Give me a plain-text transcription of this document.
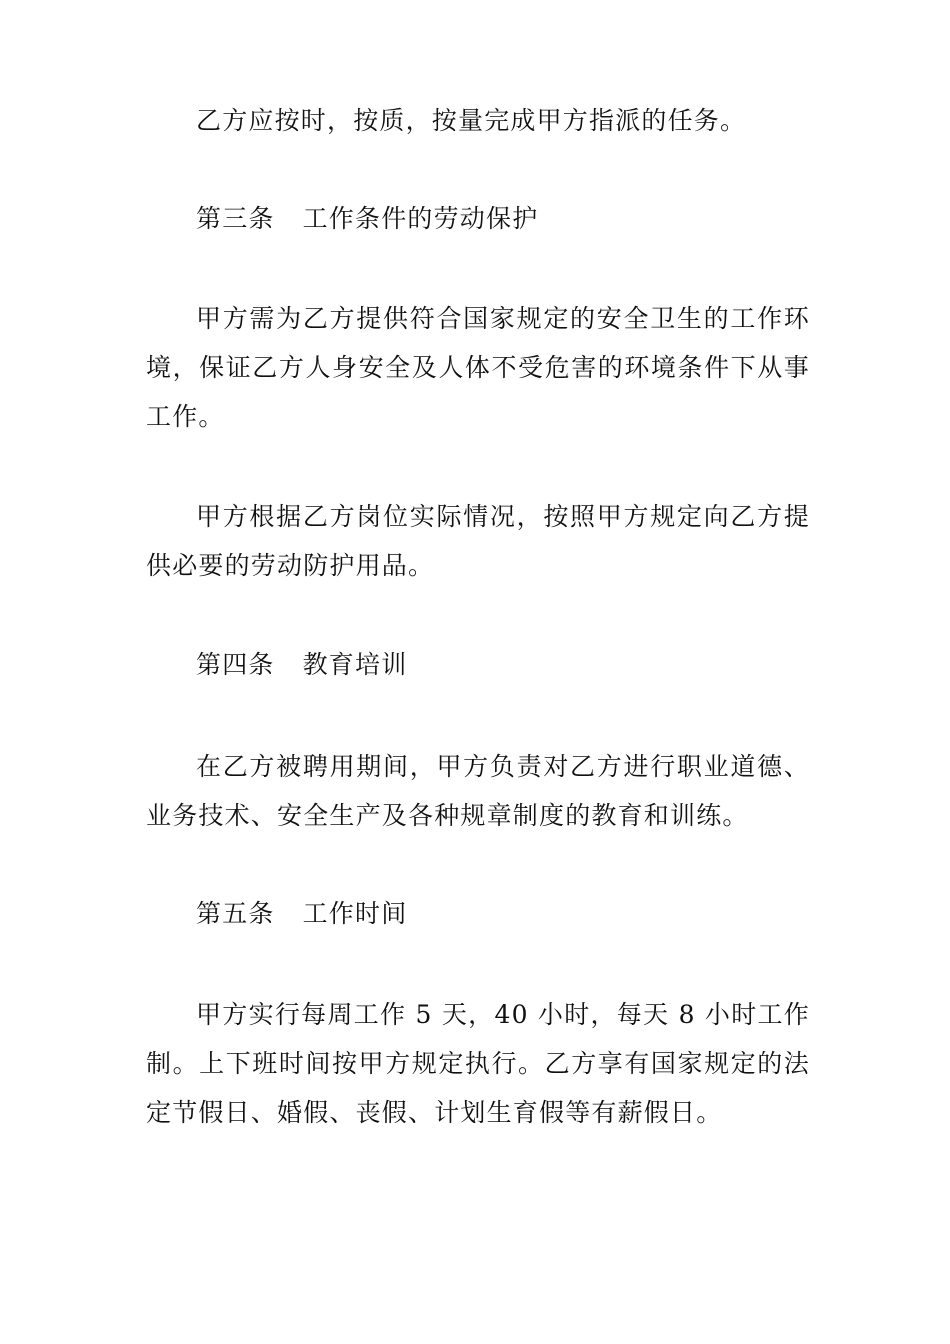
乙方应按时，按质，按量完成甲方指派的任务。

第三条 工作条件的劳动保护

甲方需为乙方提供符合国家规定的安全卫生的工作环境，保证乙方人身安全及人体不受危害的环境条件下从事工作。

甲方根据乙方岗位实际情况，按照甲方规定向乙方提供必要的劳动防护用品。

第四条 教育培训

在乙方被聘用期间，甲方负责对乙方进行职业道德、业务技术、安全生产及各种规章制度的教育和训练。

第五条 工作时间

甲方实行每周工作 5 天，40 小时，每天 8 小时工作制。上下班时间按甲方规定执行。乙方享有国家规定的法定节假日、婚假、丧假、计划生育假等有薪假日。
